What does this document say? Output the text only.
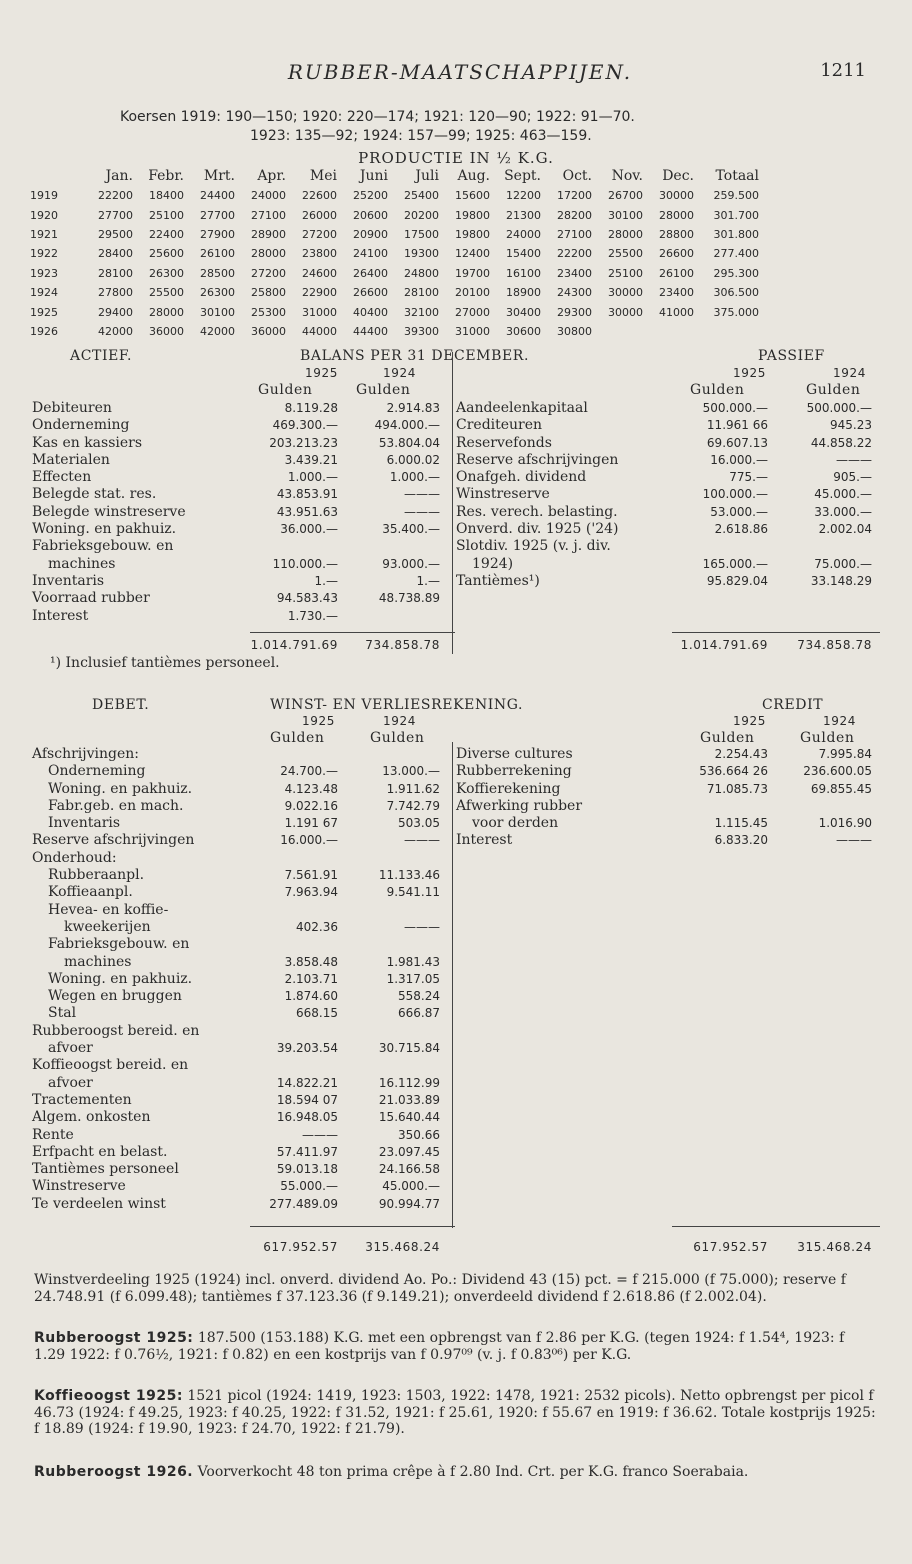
RUBBER-MAATSCHAPPIJEN.	1211
Koersen 1919: 190—150; 1920: 220—174; 1921: 120—90; 1922: 91—70.
1923: 135—92; 1924: 157—99; 1925: 463—159.
PRODUCTIE IN ½ K.G.
	Jan.	Febr.	Mrt.	Apr.	Mei	Juni	Juli	Aug.	Sept.	Oct.	Nov.	Dec.	Totaal
1919	22200	18400	24400	24000	22600	25200	25400	15600	12200	17200	26700	30000	259.500
1920	27700	25100	27700	27100	26000	20600	20200	19800	21300	28200	30100	28000	301.700
1921	29500	22400	27900	28900	27200	20900	17500	19800	24000	27100	28000	28800	301.800
1922	28400	25600	26100	28000	23800	24100	19300	12400	15400	22200	25500	26600	277.400
1923	28100	26300	28500	27200	24600	26400	24800	19700	16100	23400	25100	26100	295.300
1924	27800	25500	26300	25800	22900	26600	28100	20100	18900	24300	30000	23400	306.500
1925	29400	28000	30100	25300	31000	40400	32100	27000	30400	29300	30000	41000	375.000
1926	42000	36000	42000	36000	44000	44400	39300	31000	30600	30800			
ACTIEF.	BALANS PER 31 DECEMBER.	PASSIEF
1925	1924
Gulden	Gulden
1925	1924
Gulden	Gulden
Debiteuren	8.119.28	2.914.83
Onderneming	469.300.—	494.000.—
Kas en kassiers	203.213.23	53.804.04
Materialen	3.439.21	6.000.02
Effecten	1.000.—	1.000.—
Belegde stat. res.	43.853.91	———
Belegde winstreserve	43.951.63	———
Woning. en pakhuiz.	36.000.—	35.400.—
Fabrieksgebouw. en
machines	110.000.—	93.000.—
Inventaris	1.—	1.—
Voorraad rubber	94.583.43	48.738.89
Interest	1.730.—
Aandeelenkapitaal	500.000.—	500.000.—
Crediteuren	11.961 66	945.23
Reservefonds	69.607.13	44.858.22
Reserve afschrijvingen	16.000.—	———
Onafgeh. dividend	775.—	905.—
Winstreserve	100.000.—	45.000.—
Res. verech. belasting.	53.000.—	33.000.—
Onverd. div. 1925 ('24)	2.618.86	2.002.04
Slotdiv. 1925 (v. j. div.
1924)	165.000.—	75.000.—
Tantièmes¹)	95.829.04	33.148.29
1.014.791.69	734.858.78	1.014.791.69	734.858.78
¹) Inclusief tantièmes personeel.
DEBET.	WINST- EN VERLIESREKENING.	CREDIT
1925	1924
Gulden	Gulden
1925	1924
Gulden	Gulden
Afschrijvingen:
Onderneming	24.700.—	13.000.—
Woning. en pakhuiz.	4.123.48	1.911.62
Fabr.geb. en mach.	9.022.16	7.742.79
Inventaris	1.191 67	503.05
Reserve afschrijvingen	16.000.—	———
Onderhoud:
Rubberaanpl.	7.561.91	11.133.46
Koffieaanpl.	7.963.94	9.541.11
Hevea- en koffie-
kweekerijen	402.36	———
Fabrieksgebouw. en
machines	3.858.48	1.981.43
Woning. en pakhuiz.	2.103.71	1.317.05
Wegen en bruggen	1.874.60	558.24
Stal	668.15	666.87
Rubberoogst bereid. en
afvoer	39.203.54	30.715.84
Koffieoogst bereid. en
afvoer	14.822.21	16.112.99
Tractementen	18.594 07	21.033.89
Algem. onkosten	16.948.05	15.640.44
Rente	———	350.66
Erfpacht en belast.	57.411.97	23.097.45
Tantièmes personeel	59.013.18	24.166.58
Winstreserve	55.000.—	45.000.—
Te verdeelen winst	277.489.09	90.994.77
Diverse cultures	2.254.43	7.995.84
Rubberrekening	536.664 26	236.600.05
Koffierekening	71.085.73	69.855.45
Afwerking rubber
voor derden	1.115.45	1.016.90
Interest	6.833.20	———
617.952.57	315.468.24	617.952.57	315.468.24
Winstverdeeling 1925 (1924) incl. onverd. dividend Ao. Po.: Dividend 43 (15) pct. = f 215.000 (f 75.000); reserve f 24.748.91 (f 6.099.48); tantièmes f 37.123.36 (f 9.149.21); onverdeeld dividend f 2.618.86 (f 2.002.04).
Rubberoogst 1925: 187.500 (153.188) K.G. met een opbrengst van f 2.86 per K.G. (tegen 1924: f 1.54⁴, 1923: f 1.29 1922: f 0.76½, 1921: f 0.82) en een kostprijs van f 0.97⁰⁹ (v. j. f 0.83⁰⁶) per K.G.
Koffieoogst 1925: 1521 picol (1924: 1419, 1923: 1503, 1922: 1478, 1921: 2532 picols). Netto opbrengst per picol f 46.73 (1924: f 49.25, 1923: f 40.25, 1922: f 31.52, 1921: f 25.61, 1920: f 55.67 en 1919: f 36.62. Totale kostprijs 1925: f 18.89 (1924: f 19.90, 1923: f 24.70, 1922: f 21.79).
Rubberoogst 1926. Voorverkocht 48 ton prima crêpe à f 2.80 Ind. Crt. per K.G. franco Soerabaia.
